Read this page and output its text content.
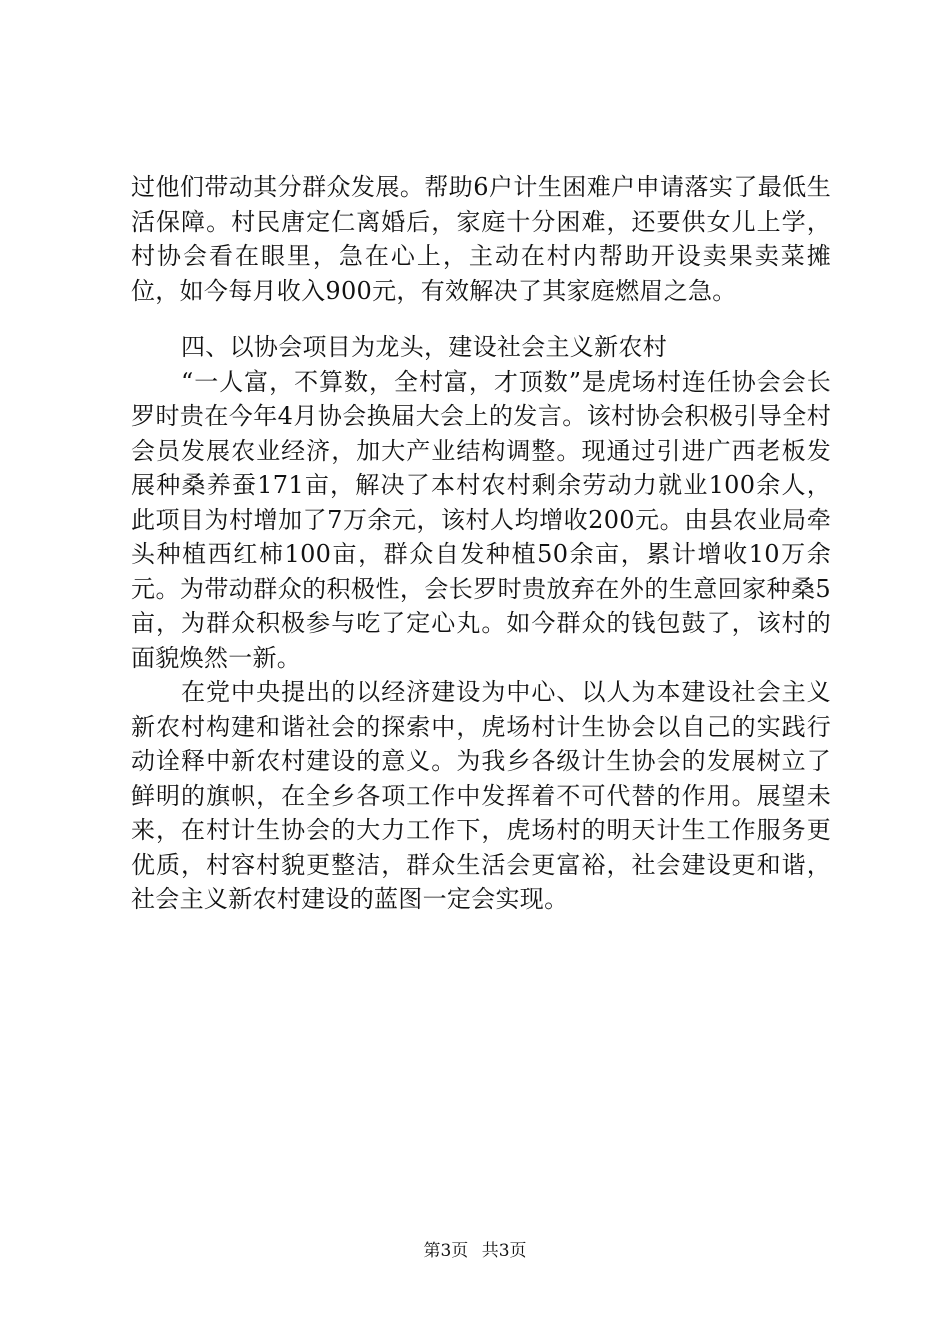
过他们带动其分群众发展。帮助6户计生困难户申请落实了最低生活保障。村民唐定仁离婚后，家庭十分困难，还要供女儿上学，村协会看在眼里，急在心上，主动在村内帮助开设卖果卖菜摊位，如今每月收入900元，有效解决了其家庭燃眉之急。

四、以协会项目为龙头，建设社会主义新农村

“一人富，不算数，全村富，才顶数”是虎场村连任协会会长罗时贵在今年4月协会换届大会上的发言。该村协会积极引导全村会员发展农业经济，加大产业结构调整。现通过引进广西老板发展种桑养蚕171亩，解决了本村农村剩余劳动力就业100余人，此项目为村增加了7万余元，该村人均增收200元。由县农业局牵头种植西红柿100亩，群众自发种植50余亩，累计增收10万余元。为带动群众的积极性，会长罗时贵放弃在外的生意回家种桑5亩，为群众积极参与吃了定心丸。如今群众的钱包鼓了，该村的面貌焕然一新。

在党中央提出的以经济建设为中心、以人为本建设社会主义新农村构建和谐社会的探索中，虎场村计生协会以自己的实践行动诠释中新农村建设的意义。为我乡各级计生协会的发展树立了鲜明的旗帜，在全乡各项工作中发挥着不可代替的作用。展望未来，在村计生协会的大力工作下，虎场村的明天计生工作服务更优质，村容村貌更整洁，群众生活会更富裕，社会建设更和谐，社会主义新农村建设的蓝图一定会实现。

第3页 共3页
